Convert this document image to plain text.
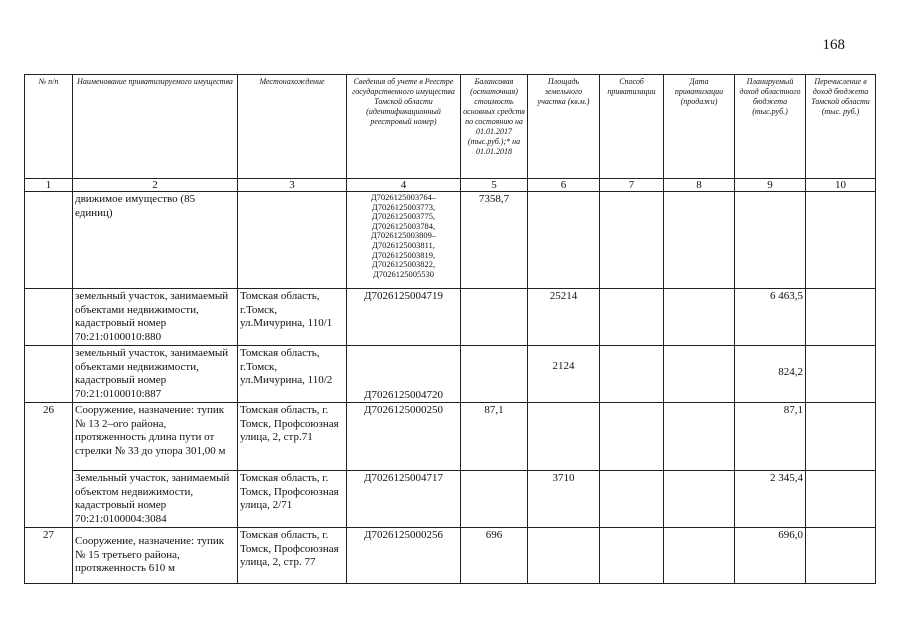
168
№ п/п	Наименование приватизируемого имущества	Местонахождение	Сведения об учете в Реестре государственного имущества Томской области (идентификационный реестровый номер)	Балансовая (остаточная) стоимость основных средств по состоянию на 01.01.2017 (тыс.руб.);* на 01.01.2018	Площадь земельного участка (кв.м.)	Способ приватизации	Дата приватизации (продажи)	Планируемый доход областного бюджета (тыс.руб.)	Перечисление в доход бюджета Томской области (тыс. руб.)
1	2	3	4	5	6	7	8	9	10
	движимое имущество (85 единиц)		Д7026125003764–Д7026125003773, Д7026125003775, Д7026125003784, Д7026125003809–Д7026125003811, Д7026125003819, Д7026125003822, Д7026125005530	7358,7					
	земельный участок, занимаемый объектами недвижимости, кадастровый номер 70:21:0100010:880	Томская область, г.Томск, ул.Мичурина, 110/1	Д7026125004719		25214			6 463,5	
	земельный участок, занимаемый объектами недвижимости, кадастровый номер 70:21:0100010:887	Томская область, г.Томск, ул.Мичурина, 110/2	Д7026125004720		2124			824,2	
26	Сооружение, назначение: тупик № 13 2–ого района, протяженность длина пути от стрелки № 33 до упора 301,00 м	Томская область, г. Томск, Профсоюзная улица, 2, стр.71	Д7026125000250	87,1				87,1	
	Земельный участок, занимаемый объектом недвижимости, кадастровый номер 70:21:0100004:3084	Томская область, г. Томск, Профсоюзная улица, 2/71	Д7026125004717		3710			2 345,4	
27	Сооружение, назначение: тупик № 15 третьего района, протяженность 610 м	Томская область, г. Томск, Профсоюзная улица, 2, стр. 77	Д7026125000256	696				696,0	
